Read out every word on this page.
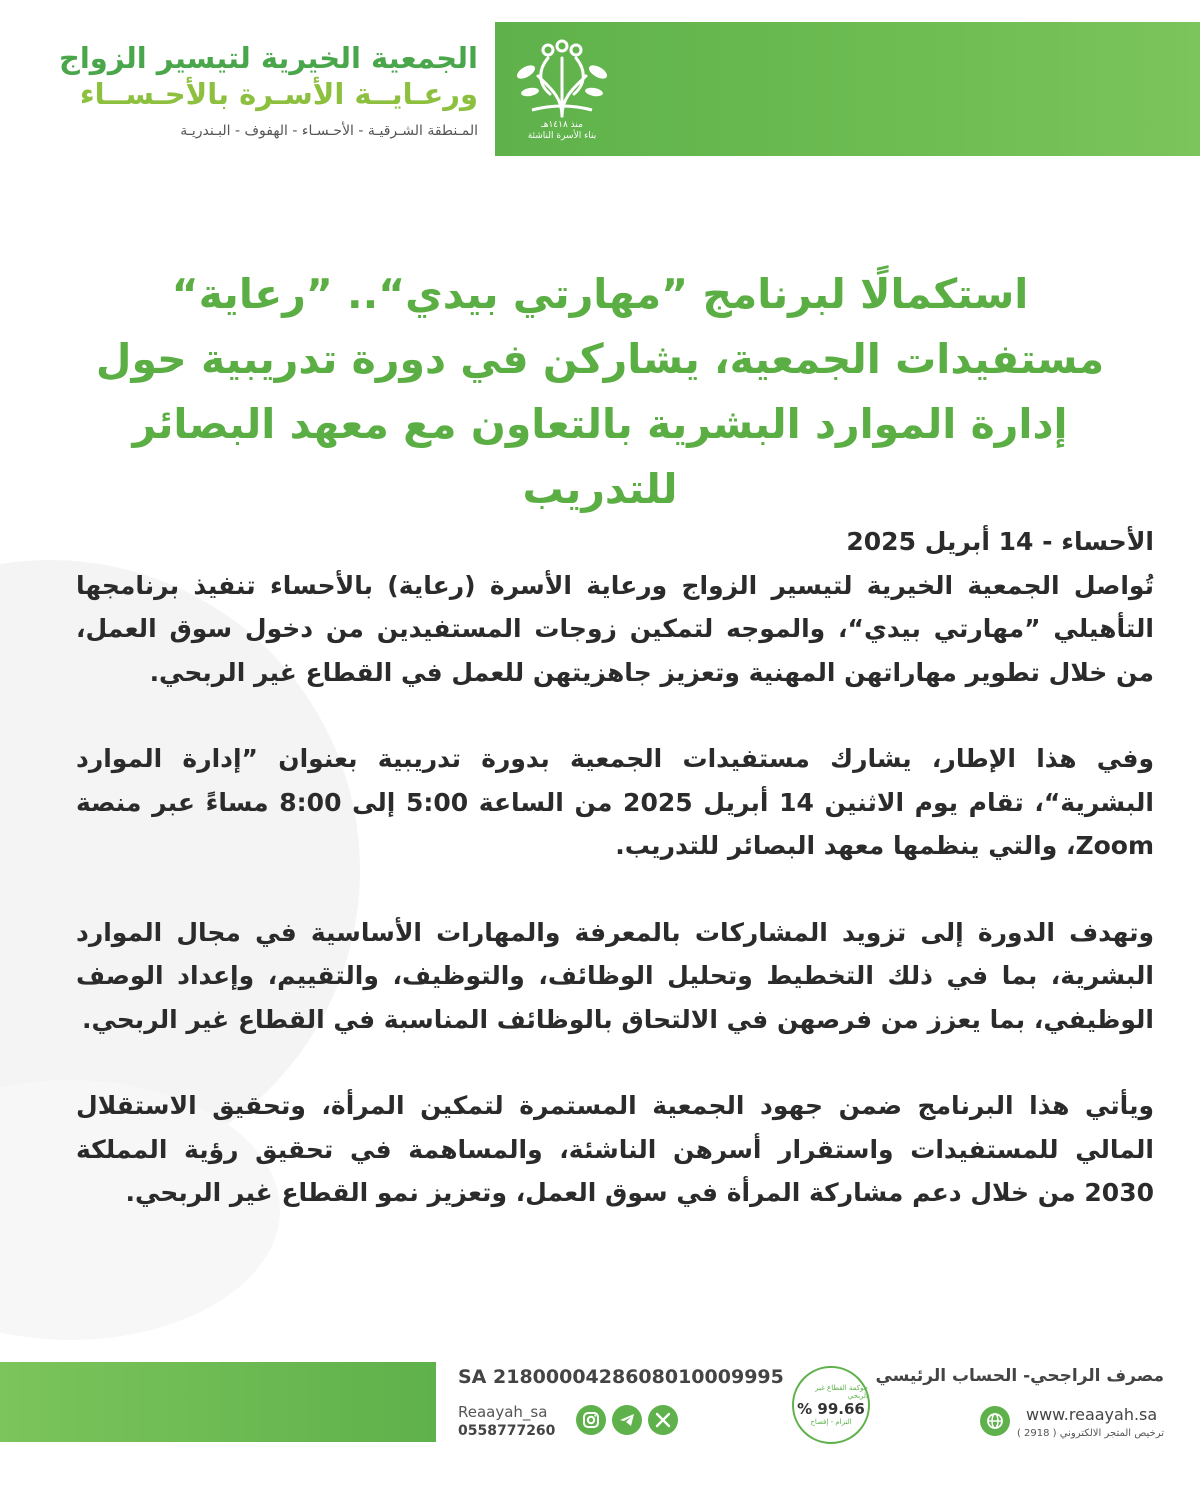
منذ ١٤١٨هـ
بناء الأسرة الناشئة
الجمعية الخيرية لتيسير الزواج
ورعـايــة الأسـرة بالأحـســاء
المـنطقة الشـرقيـة - الأحـسـاء - الهفوف - البـندريـة
استكمالًا لبرنامج ”مهارتي بيدي“.. ”رعاية“ مستفيدات الجمعية، يشاركن في دورة تدريبية حول إدارة الموارد البشرية بالتعاون مع معهد البصائر للتدريب

الأحساء - 14 أبريل 2025

تُواصل الجمعية الخيرية لتيسير الزواج ورعاية الأسرة (رعاية) بالأحساء تنفيذ برنامجها التأهيلي ”مهارتي بيدي“، والموجه لتمكين زوجات المستفيدين من دخول سوق العمل، من خلال تطوير مهاراتهن المهنية وتعزيز جاهزيتهن للعمل في القطاع غير الربحي.

وفي هذا الإطار، يشارك مستفيدات الجمعية بدورة تدريبية بعنوان ”إدارة الموارد البشرية“، تقام يوم الاثنين 14 أبريل 2025 من الساعة 5:00 إلى 8:00 مساءً عبر منصة Zoom، والتي ينظمها معهد البصائر للتدريب.

وتهدف الدورة إلى تزويد المشاركات بالمعرفة والمهارات الأساسية في مجال الموارد البشرية، بما في ذلك التخطيط وتحليل الوظائف، والتوظيف، والتقييم، وإعداد الوصف الوظيفي، بما يعزز من فرصهن في الالتحاق بالوظائف المناسبة في القطاع غير الربحي.

ويأتي هذا البرنامج ضمن جهود الجمعية المستمرة لتمكين المرأة، وتحقيق الاستقلال المالي للمستفيدات واستقرار أسرهن الناشئة، والمساهمة في تحقيق رؤية المملكة 2030 من خلال دعم مشاركة المرأة في سوق العمل، وتعزيز نمو القطاع غير الربحي.

SA 2180000428608010009995
Reaayah_sa
0558777260
حوكمة القطاع غير الربحي
% 99.66
التزام - إفصاح
مصرف الراجحي- الحساب الرئيسي
www.reaayah.sa
ترخيص المتجر الالكتروني ( 2918 )
